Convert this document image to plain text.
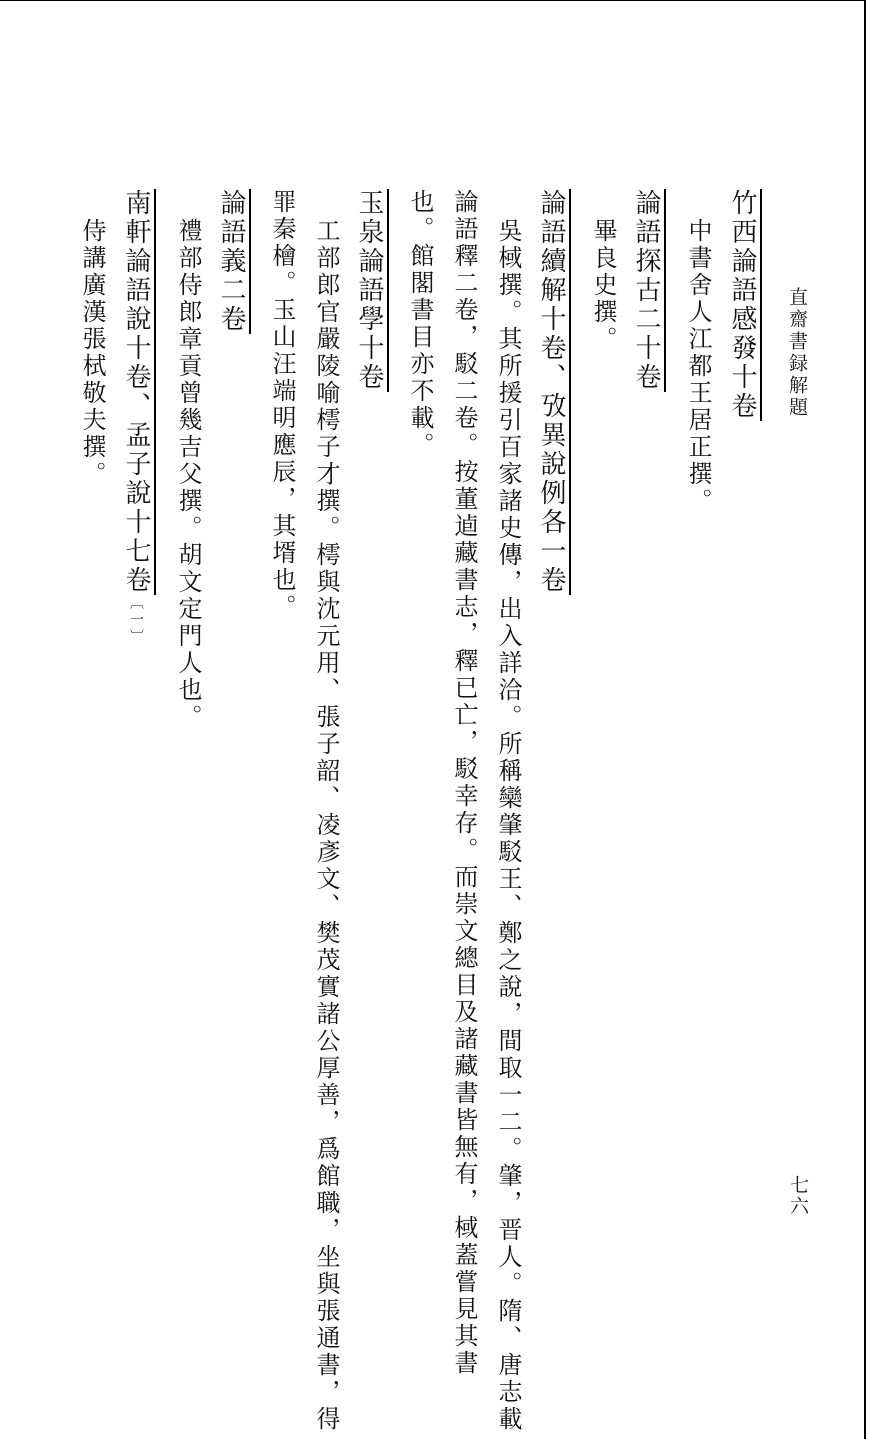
直齋書録解題
七六
竹西論語感發十卷
中書舍人江都王居正撰。
論語探古二十卷
畢良史撰。
論語續解十卷、攷異說例各一卷
吳棫撰。其所援引百家諸史傳，出入詳洽。所稱欒肇駁王、鄭之說，間取一二。肇，晋人。隋、唐志載
論語釋二卷，駁二卷。按董逌藏書志，釋已亡，駁幸存。而崇文總目及諸藏書皆無有，棫蓋嘗見其書
也。館閣書目亦不載。
玉泉論語學十卷
工部郎官嚴陵喻樗子才撰。樗與沈元用、張子韶、凌彥文、樊茂實諸公厚善，爲館職，坐與張通書，得
罪秦檜。玉山汪端明應辰，其壻也。
論語義二卷
禮部侍郎章貢曾幾吉父撰。胡文定門人也。
南軒論語說十卷、孟子說十七卷〔一〕
侍講廣漢張栻敬夫撰。
